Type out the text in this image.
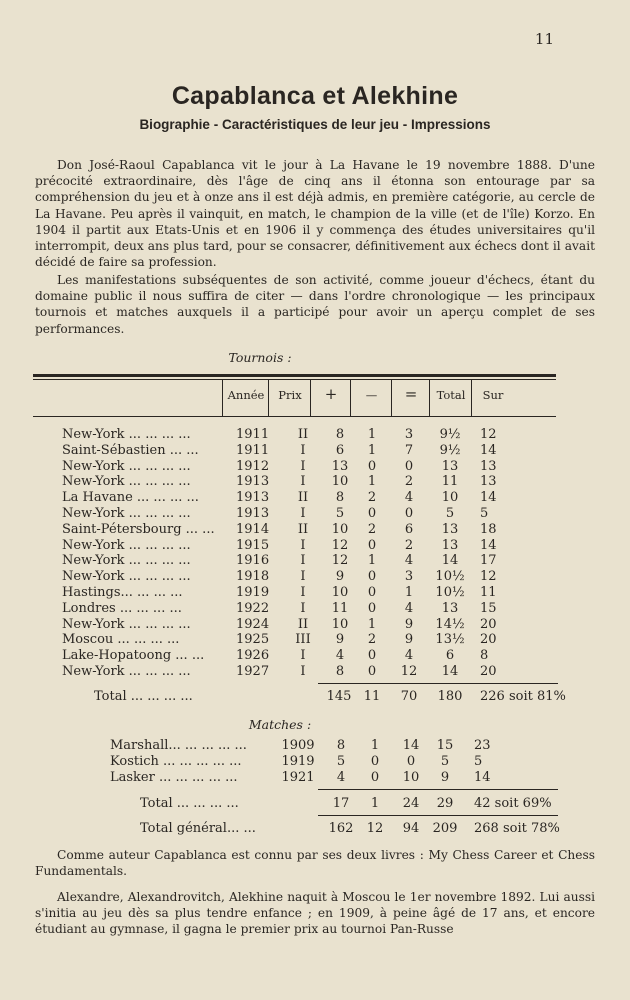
11
Capablanca et Alekhine
Biographie - Caractéristiques de leur jeu - Impressions

Don José-Raoul Capablanca vit le jour à La Havane le 19 novembre 1888. D'une précocité extraordinaire, dès l'âge de cinq ans il étonna son entourage par sa compréhension du jeu et à onze ans il est déjà admis, en première catégorie, au cercle de La Havane. Peu après il vainquit, en match, le champion de la ville (et de l'île) Korzo. En 1904 il partit aux Etats-Unis et en 1906 il y commença des études universitaires qu'il interrompit, deux ans plus tard, pour se consacrer, définitivement aux échecs dont il avait décidé de faire sa profession.

Les manifestations subséquentes de son activité, comme joueur d'échecs, étant du domaine public il nous suffira de citer — dans l'ordre chronologique — les principaux tournois et matches auxquels il a participé pour avoir un aperçu complet de ses performances.

Tournois :
Année	Prix	+	—	=	Total	Sur
New-York ... ... ... ...	1911	II	8	1	3	9½	12
Saint-Sébastien ... ...	1911	I	6	1	7	9½	14
New-York ... ... ... ...	1912	I	13	0	0	13	13
New-York ... ... ... ...	1913	I	10	1	2	11	13
La Havane ... ... ... ...	1913	II	8	2	4	10	14
New-York ... ... ... ...	1913	I	5	0	0	5	5
Saint-Pétersbourg ... ... 1914	II	10	2	6	13	18
New-York ... ... ... ...	1915	I	12	0	2	13	14
New-York ... ... ... ...	1916	I	12	1	4	14	17
New-York ... ... ... ...	1918	I	9	0	3	10½ 12
Hastings... ... ... ...	1919	I	10	0	1	10½ 11
Londres ... ... ... ...	1922	I	11	0	4	13	15
New-York ... ... ... ...	1924	II	10	1	9	14½ 20
Moscou ... ... ... ...	1925	III	9	2	9	13½ 20
Lake-Hopatoong ... ... 1926	I	4	0	4	6	8
New-York ... ... ... ...	1927	I	8	0	12	14	20
Total ... ... ... ...	145 11 70	180	226 soit 81%
Matches :
Marshall... ... ... ... ...	1909	8	1	14 15 23
Kostich ... ... ... ... ...	1919	5	0	0	5	5
Lasker ... ... ... ... ...	1921	4	0	10	9	14
Total ... ... ... ...	17	1	24 29 42 soit 69%
Total général... ...	162 12 94 209 268 soit 78%

Comme auteur Capablanca est connu par ses deux livres : My Chess Career et Chess Fundamentals.

Alexandre, Alexandrovitch, Alekhine naquit à Moscou le 1er novembre 1892. Lui aussi s'initia au jeu dès sa plus tendre enfance ; en 1909, à peine âgé de 17 ans, et encore étudiant au gymnase, il gagna le premier prix au tournoi Pan-Russe
